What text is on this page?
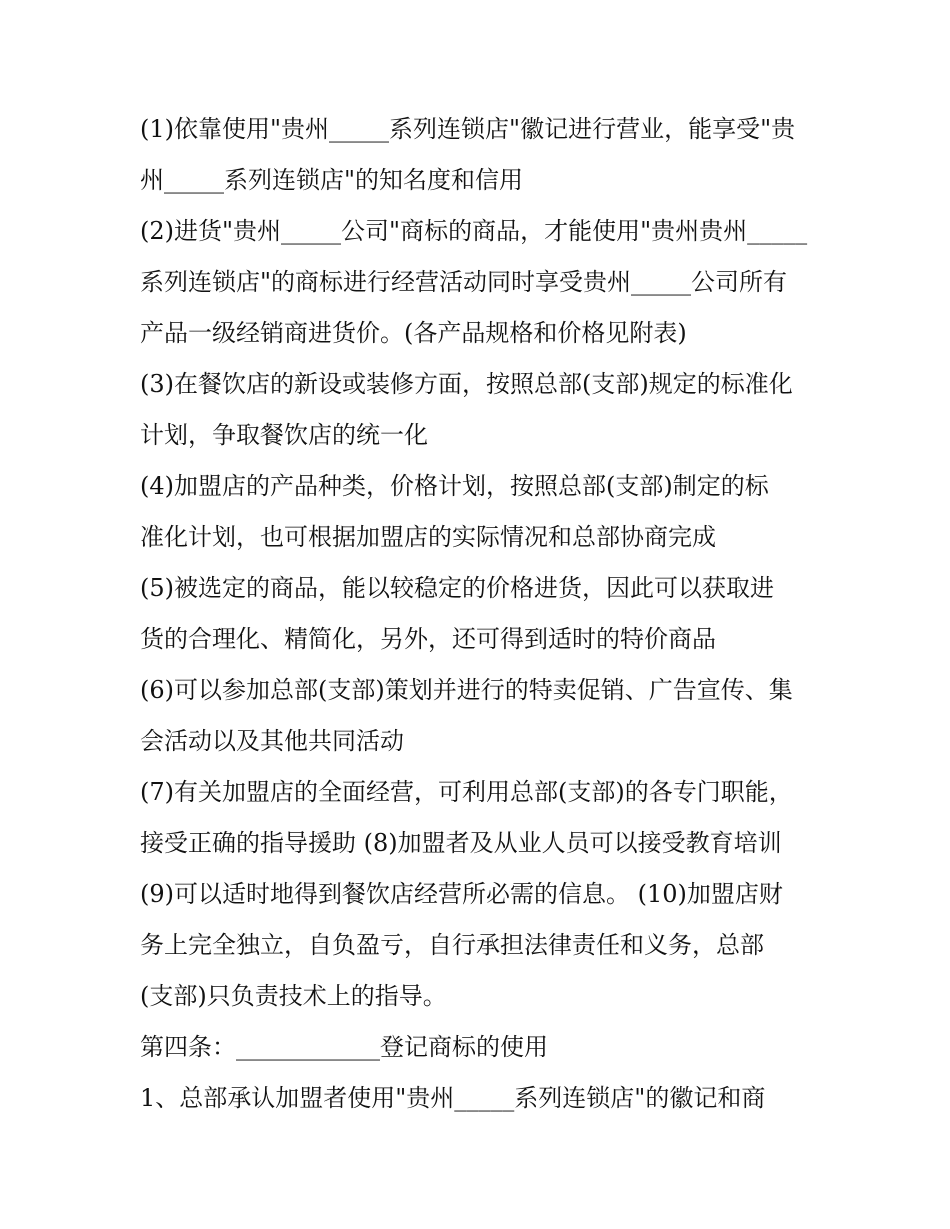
(1)依靠使用"贵州_____系列连锁店"徽记进行营业，能享受"贵
州_____系列连锁店"的知名度和信用
(2)进货"贵州_____公司"商标的商品，才能使用"贵州贵州_____
系列连锁店"的商标进行经营活动同时享受贵州_____公司所有
产品一级经销商进货价。(各产品规格和价格见附表)
(3)在餐饮店的新设或装修方面，按照总部(支部)规定的标准化
计划，争取餐饮店的统一化
(4)加盟店的产品种类，价格计划，按照总部(支部)制定的标
准化计划，也可根据加盟店的实际情况和总部协商完成
(5)被选定的商品，能以较稳定的价格进货，因此可以获取进
货的合理化、精简化，另外，还可得到适时的特价商品
(6)可以参加总部(支部)策划并进行的特卖促销、广告宣传、集
会活动以及其他共同活动
(7)有关加盟店的全面经营，可利用总部(支部)的各专门职能，
接受正确的指导援助 (8)加盟者及从业人员可以接受教育培训
(9)可以适时地得到餐饮店经营所必需的信息。 (10)加盟店财
务上完全独立，自负盈亏，自行承担法律责任和义务，总部
(支部)只负责技术上的指导。
第四条：____________登记商标的使用
1、总部承认加盟者使用"贵州_____系列连锁店"的徽记和商
